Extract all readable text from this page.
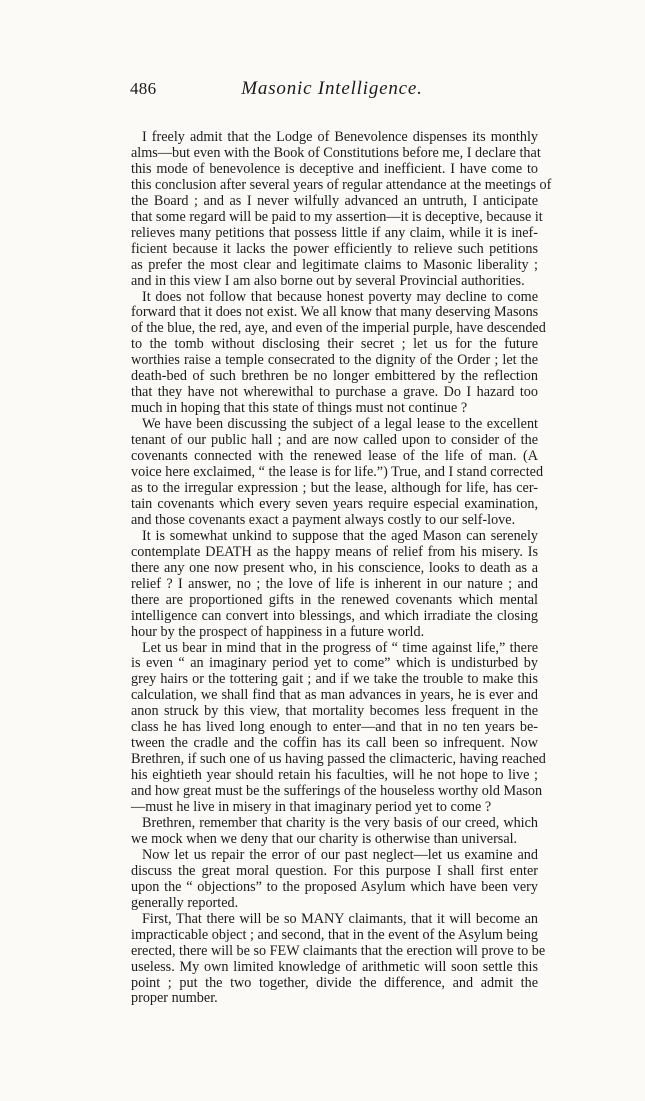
486	Masonic Intelligence.
I freely admit that the Lodge of Benevolence dispenses its monthly
alms—but even with the Book of Constitutions before me, I declare that
this mode of benevolence is deceptive and inefficient. I have come to
this conclusion after several years of regular attendance at the meetings of
the Board ; and as I never wilfully advanced an untruth, I anticipate
that some regard will be paid to my assertion—it is deceptive, because it
relieves many petitions that possess little if any claim, while it is inef-
ficient because it lacks the power efficiently to relieve such petitions
as prefer the most clear and legitimate claims to Masonic liberality ;
and in this view I am also borne out by several Provincial authorities.
It does not follow that because honest poverty may decline to come
forward that it does not exist. We all know that many deserving Masons
of the blue, the red, aye, and even of the imperial purple, have descended
to the tomb without disclosing their secret ; let us for the future
worthies raise a temple consecrated to the dignity of the Order ; let the
death-bed of such brethren be no longer embittered by the reflection
that they have not wherewithal to purchase a grave. Do I hazard too
much in hoping that this state of things must not continue ?
We have been discussing the subject of a legal lease to the excellent
tenant of our public hall ; and are now called upon to consider of the
covenants connected with the renewed lease of the life of man. (A
voice here exclaimed, “ the lease is for life.”) True, and I stand corrected
as to the irregular expression ; but the lease, although for life, has cer-
tain covenants which every seven years require especial examination,
and those covenants exact a payment always costly to our self-love.
It is somewhat unkind to suppose that the aged Mason can serenely
contemplate DEATH as the happy means of relief from his misery. Is
there any one now present who, in his conscience, looks to death as a
relief ? I answer, no ; the love of life is inherent in our nature ; and
there are proportioned gifts in the renewed covenants which mental
intelligence can convert into blessings, and which irradiate the closing
hour by the prospect of happiness in a future world.
Let us bear in mind that in the progress of “ time against life,” there
is even “ an imaginary period yet to come” which is undisturbed by
grey hairs or the tottering gait ; and if we take the trouble to make this
calculation, we shall find that as man advances in years, he is ever and
anon struck by this view, that mortality becomes less frequent in the
class he has lived long enough to enter—and that in no ten years be-
tween the cradle and the coffin has its call been so infrequent. Now
Brethren, if such one of us having passed the climacteric, having reached
his eightieth year should retain his faculties, will he not hope to live ;
and how great must be the sufferings of the houseless worthy old Mason
—must he live in misery in that imaginary period yet to come ?
Brethren, remember that charity is the very basis of our creed, which
we mock when we deny that our charity is otherwise than universal.
Now let us repair the error of our past neglect—let us examine and
discuss the great moral question. For this purpose I shall first enter
upon the “ objections” to the proposed Asylum which have been very
generally reported.
First, That there will be so MANY claimants, that it will become an
impracticable object ; and second, that in the event of the Asylum being
erected, there will be so FEW claimants that the erection will prove to be
useless. My own limited knowledge of arithmetic will soon settle this
point ; put the two together, divide the difference, and admit the
proper number.
